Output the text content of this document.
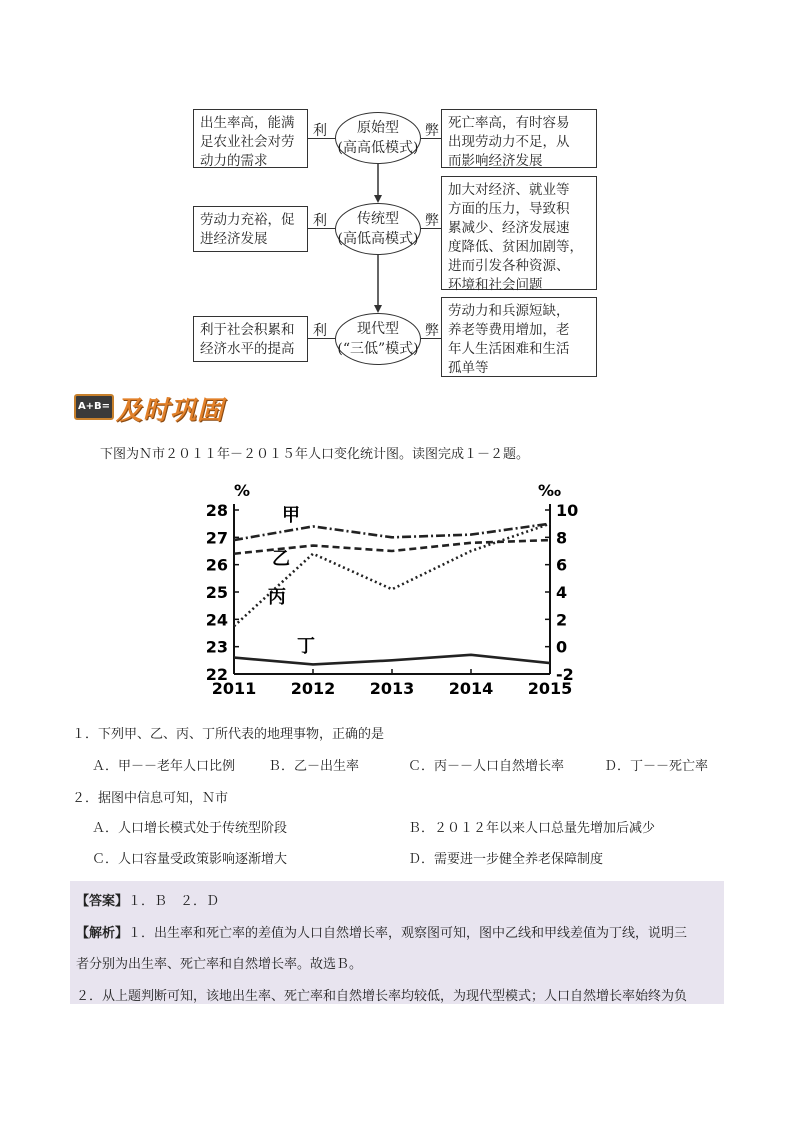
出生率高，能满
足农业社会对劳
动力的需求
利 原始型
(高高低模式)
弊 死亡率高，有时容易
出现劳动力不足，从
而影响经济发展
劳动力充裕，促
进经济发展
利 传统型
(高低高模式)
弊
加大对经济、就业等
方面的压力，导致积
累减少、经济发展速
度降低、贫困加剧等，
进而引发各种资源、
环境和社会问题
利于社会积累和
经济水平的提高
利 现代型
(“三低”模式)
弊
劳动力和兵源短缺，
养老等费用增加，老
年人生活困难和生活
孤单等
A+B= 及时巩固
下图为Ｎ市２０１１年－２０１５年人口变化统计图。读图完成１－２题。
%	‰
22
23
24
25
26
27
28
-2
0
2
4
6
8
10
2011 2012 2013 2014 2015
甲
乙
丙
丁
１．下列甲、乙、丙、丁所代表的地理事物，正确的是
Ａ．甲－－老年人口比例	Ｂ．乙－出生率	Ｃ．丙－－人口自然增长率	Ｄ．丁－－死亡率
２．据图中信息可知，Ｎ市
Ａ．人口增长模式处于传统型阶段	Ｂ．２０１２年以来人口总量先增加后减少
Ｃ．人口容量受政策影响逐渐增大	Ｄ．需要进一步健全养老保障制度
【答案】１．Ｂ　２．Ｄ
【解析】１．出生率和死亡率的差值为人口自然增长率，观察图可知，图中乙线和甲线差值为丁线，说明三
者分别为出生率、死亡率和自然增长率。故选Ｂ。
２．从上题判断可知，该地出生率、死亡率和自然增长率均较低，为现代型模式；人口自然增长率始终为负
